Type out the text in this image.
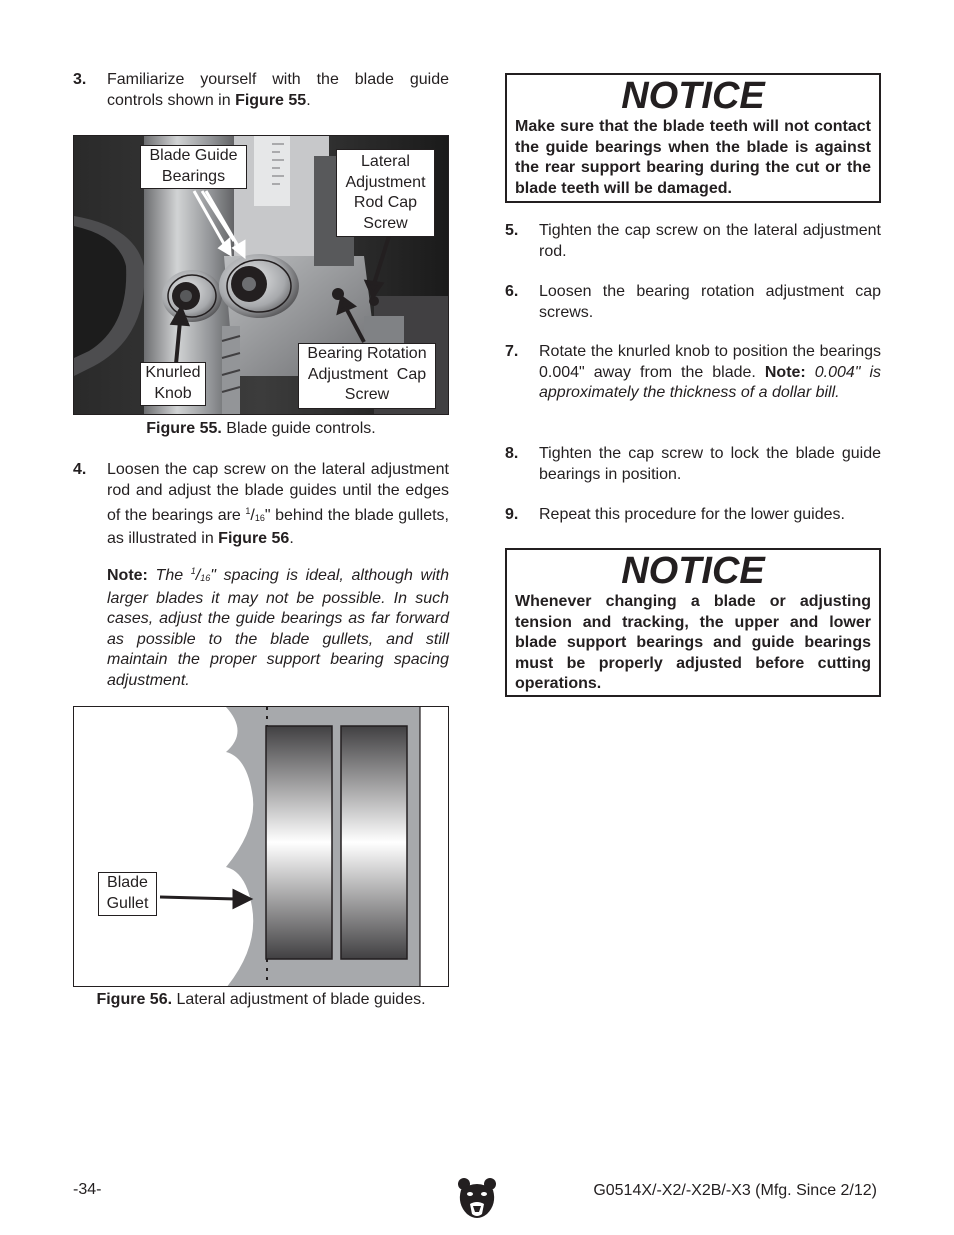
3. Familiarize yourself with the blade guide controls shown in Figure 55.
Blade Guide
Bearings
Lateral
Adjustment
Rod Cap
Screw
Knurled
Knob
Bearing Rotation
Adjustment  Cap
Screw
Figure 55. Blade guide controls.
4. Loosen the cap screw on the lateral adjustment rod and adjust the blade guides until the edges of the bearings are $^1/_{16}$" behind the blade gullets, as illustrated in Figure 56.
Note: The $^1/_{16}$" spacing is ideal, although with larger blades it may not be possible. In such cases, adjust the guide bearings as far forward as possible to the blade gullets, and still maintain the proper support bearing spacing adjustment.
Blade
Gullet
Figure 56. Lateral adjustment of blade guides.
NOTICE
Make sure that the blade teeth will not contact the guide bearings when the blade is against the rear support bearing during the cut or the blade teeth will be damaged.
5. Tighten the cap screw on the lateral adjustment rod.
6. Loosen the bearing rotation adjustment cap screws.
7. Rotate the knurled knob to position the bearings 0.004" away from the blade. Note: 0.004" is approximately the thickness of a dollar bill.
8. Tighten the cap screw to lock the blade guide bearings in position.
9. Repeat this procedure for the lower guides.
NOTICE
Whenever changing a blade or adjusting tension and tracking, the upper and lower blade support bearings and guide bearings must be properly adjusted before cutting operations.
-34-	G0514X/-X2/-X2B/-X3 (Mfg. Since 2/12)
